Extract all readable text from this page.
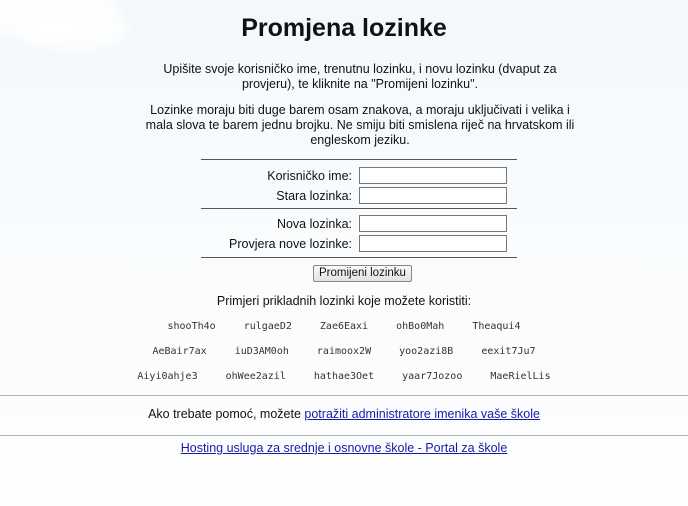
Promjena lozinke
Upišite svoje korisničko ime, trenutnu lozinku, i novu lozinku (dvaput za provjeru), te kliknite na "Promijeni lozinku".
Lozinke moraju biti duge barem osam znakova, a moraju uključivati i velika i mala slova te barem jednu brojku. Ne smiju biti smislena riječ na hrvatskom ili engleskom jeziku.
Korisničko ime:
Stara lozinka:
Nova lozinka:
Provjera nove lozinke:
Promijeni lozinku
Primjeri prikladnih lozinki koje možete koristiti:
shooTh4o	rulgaeD2	Zae6Eaxi	ohBo0Mah	Theaqui4
AeBair7ax	iuD3AM0oh	raimoox2W	yoo2azi8B	eexit7Ju7
Aiyi0ahje3	ohWee2azil	hathae3Oet	yaar7Jozoo	MaeRielLis
Ako trebate pomoć, možete potražiti administratore imenika vaše škole
Hosting usluga za srednje i osnovne škole - Portal za škole
